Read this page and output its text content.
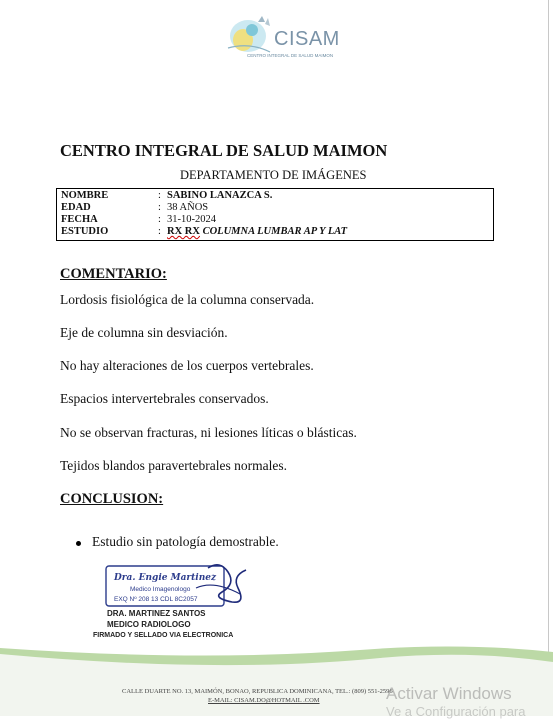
CISAM
CENTRO INTEGRAL DE SALUD MAIMON
CENTRO INTEGRAL DE SALUD MAIMON
DEPARTAMENTO DE IMÁGENES
NOMBRE	: SABINO LANAZCA S.
EDAD	: 38 AÑOS
FECHA	: 31-10-2024
ESTUDIO	: RX RX COLUMNA LUMBAR AP Y LAT
COMENTARIO:
Lordosis fisiológica de la columna conservada.
Eje de columna sin desviación.
No hay alteraciones de los cuerpos vertebrales.
Espacios intervertebrales conservados.
No se observan fracturas, ni lesiones líticas o blásticas.
Tejidos blandos paravertebrales normales.
CONCLUSION:
Estudio sin patología demostrable.
Dra. Engie Martinez
Medico Imagenologo
EXQ Nº 208 13 CDL 8C2057
DRA. MARTINEZ SANTOS
MEDICO RADIOLOGO
FIRMADO Y SELLADO VIA ELECTRONICA
CALLE DUARTE NO. 13, MAIMÓN, BONAO, REPUBLICA DOMINICANA, TEL.: (809) 551-2596
E-MAIL: CISAM.DO@HOTMAIL .COM	Activar Windows
Ve a Configuración para
